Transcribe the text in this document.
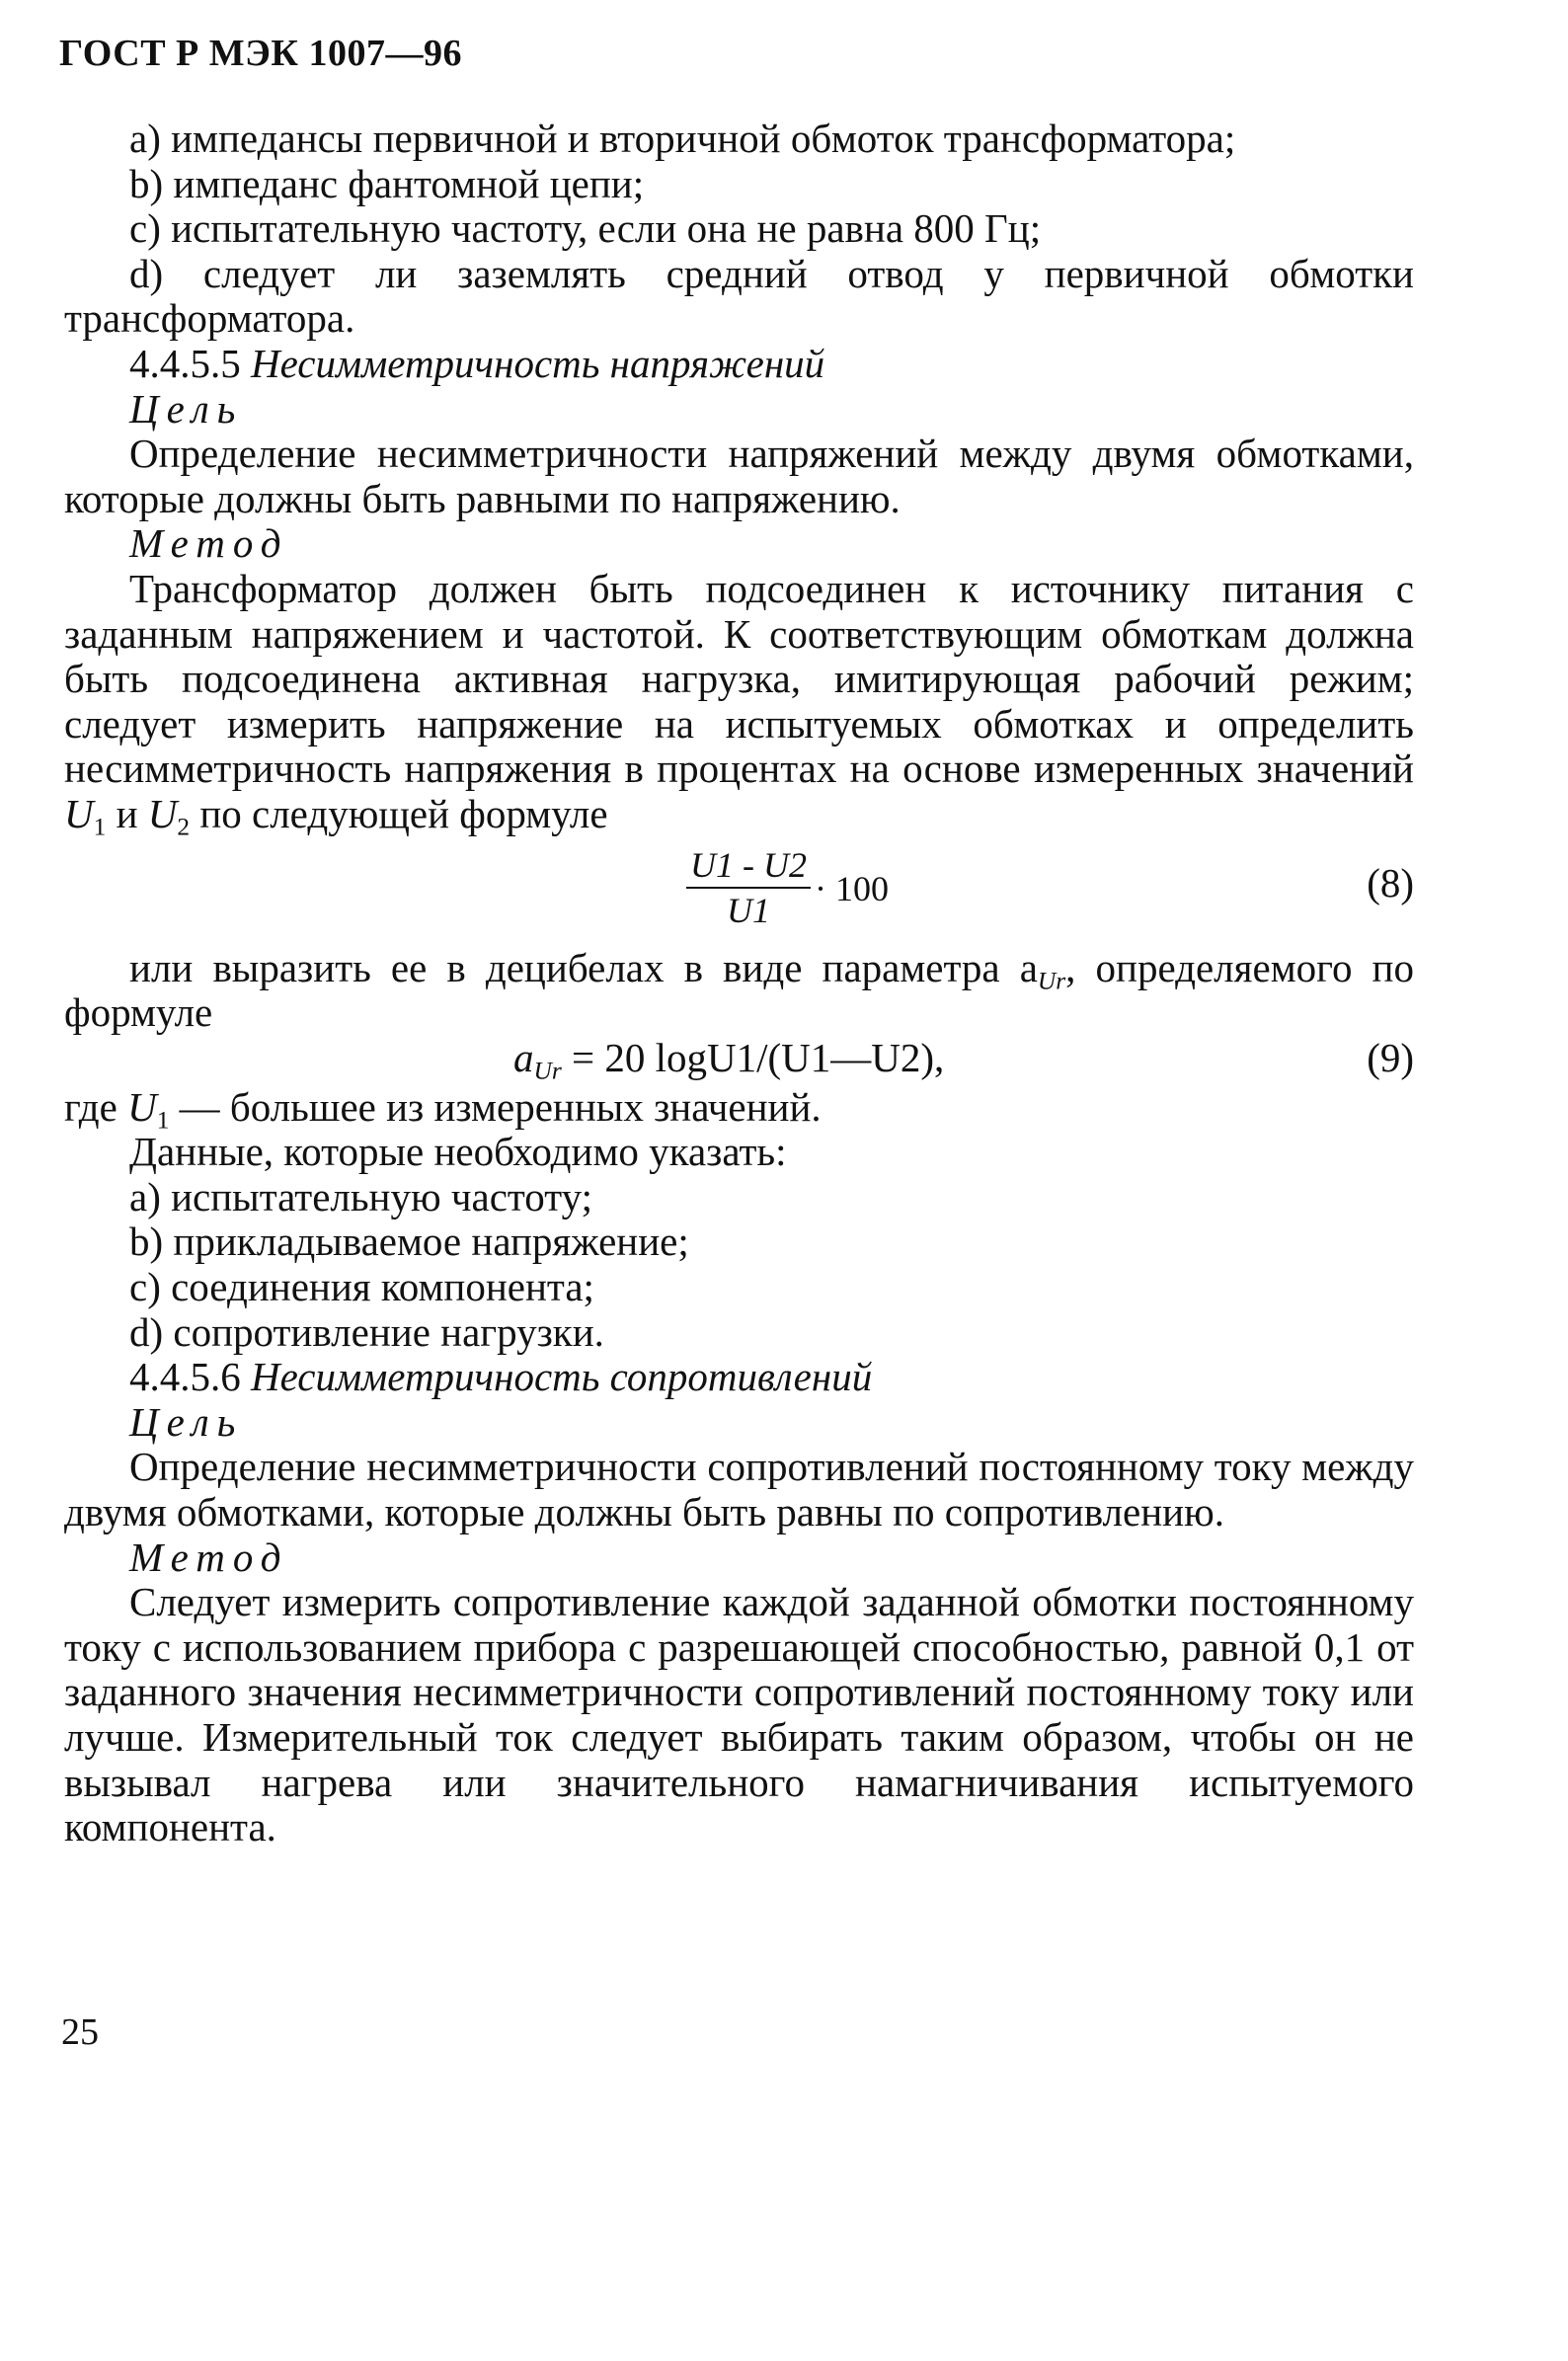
ГОСТ Р МЭК 1007—96

a) импедансы первичной и вторичной обмоток трансформатора;

b) импеданс фантомной цепи;

c) испытательную частоту, если она не равна 800 Гц;

d) следует ли заземлять средний отвод у первичной обмотки трансформатора.

4.4.5.5 Несимметричность напряжений

Цель

Определение несимметричности напряжений между двумя обмотками, которые должны быть равными по напряжению.

Метод

Трансформатор должен быть подсоединен к источнику питания с заданным напряжением и частотой. К соответствующим обмоткам должна быть подсоединена активная нагрузка, имитирующая рабочий режим; следует измерить напряжение на испытуемых обмотках и определить несимметричность напряжения в процентах на основе измеренных значений $U_1$ и $U_2$ по следующей формуле

$\frac{U1 - U2}{U1} \cdot 100$	(8)

или выразить ее в децибелах в виде параметра $a_{Ur}$, определяемого по формуле

$a_{Ur} = 20$ logU1/(U1—U2),	(9)

где $U_1$ — большее из измеренных значений.

Данные, которые необходимо указать:

a) испытательную частоту;

b) прикладываемое напряжение;

c) соединения компонента;

d) сопротивление нагрузки.

4.4.5.6 Несимметричность сопротивлений

Цель

Определение несимметричности сопротивлений постоянному току между двумя обмотками, которые должны быть равны по сопротивлению.

Метод

Следует измерить сопротивление каждой заданной обмотки постоянному току с использованием прибора с разрешающей способностью, равной 0,1 от заданного значения несимметричности сопротивлений постоянному току или лучше. Измерительный ток следует выбирать таким образом, чтобы он не вызывал нагрева или значительного намагничивания испытуемого компонента.

25
